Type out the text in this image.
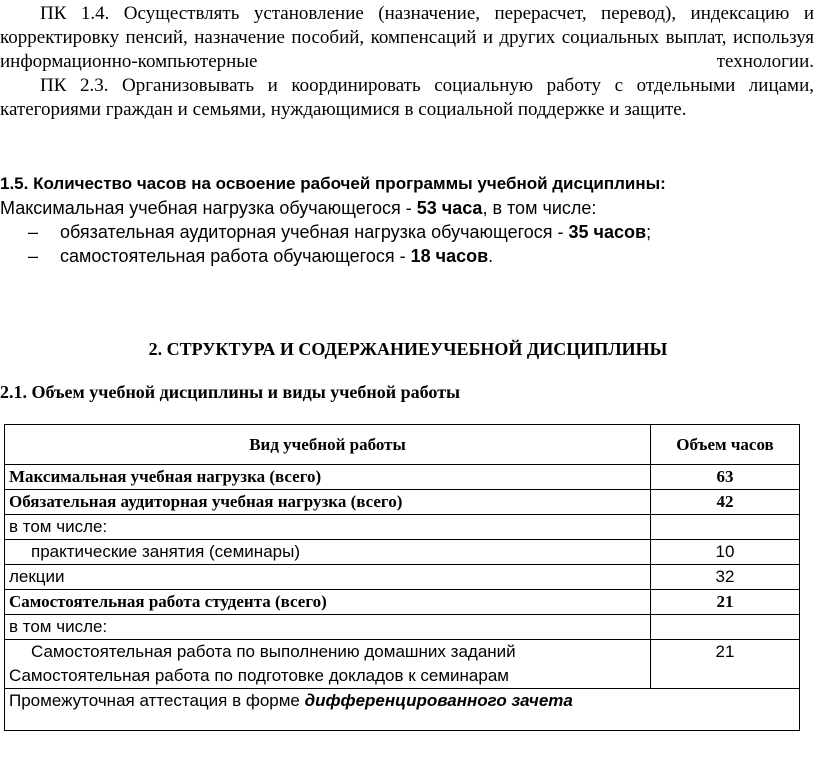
ПК 1.4. Осуществлять установление (назначение, перерасчет, перевод), индексацию и корректировку пенсий, назначение пособий, компенсаций и других социальных выплат, используя информационно-компьютерные технологии.
ПК 2.3. Организовывать и координировать социальную работу с отдельными лицами, категориями граждан и семьями, нуждающимися в социальной поддержке и защите.
1.5. Количество часов на освоение рабочей программы учебной дисциплины:
Максимальная учебная нагрузка обучающегося - 53 часа, в том числе:
– обязательная аудиторная учебная нагрузка обучающегося - 35 часов;
– самостоятельная работа обучающегося - 18 часов.
2. СТРУКТУРА И СОДЕРЖАНИЕУЧЕБНОЙ ДИСЦИПЛИНЫ
2.1. Объем учебной дисциплины и виды учебной работы
Вид учебной работы	Объем часов
Максимальная учебная нагрузка (всего)	63
Обязательная аудиторная учебная нагрузка (всего)	42
в том числе:	
практические занятия (семинары)	10
лекции	32
Самостоятельная работа студента (всего)	21
в том числе:	

Самостоятельная работа по выполнению домашних заданий
Самостоятельная работа по подготовке докладов к семинарам	21
Промежуточная аттестация в форме дифференцированного зачета	
